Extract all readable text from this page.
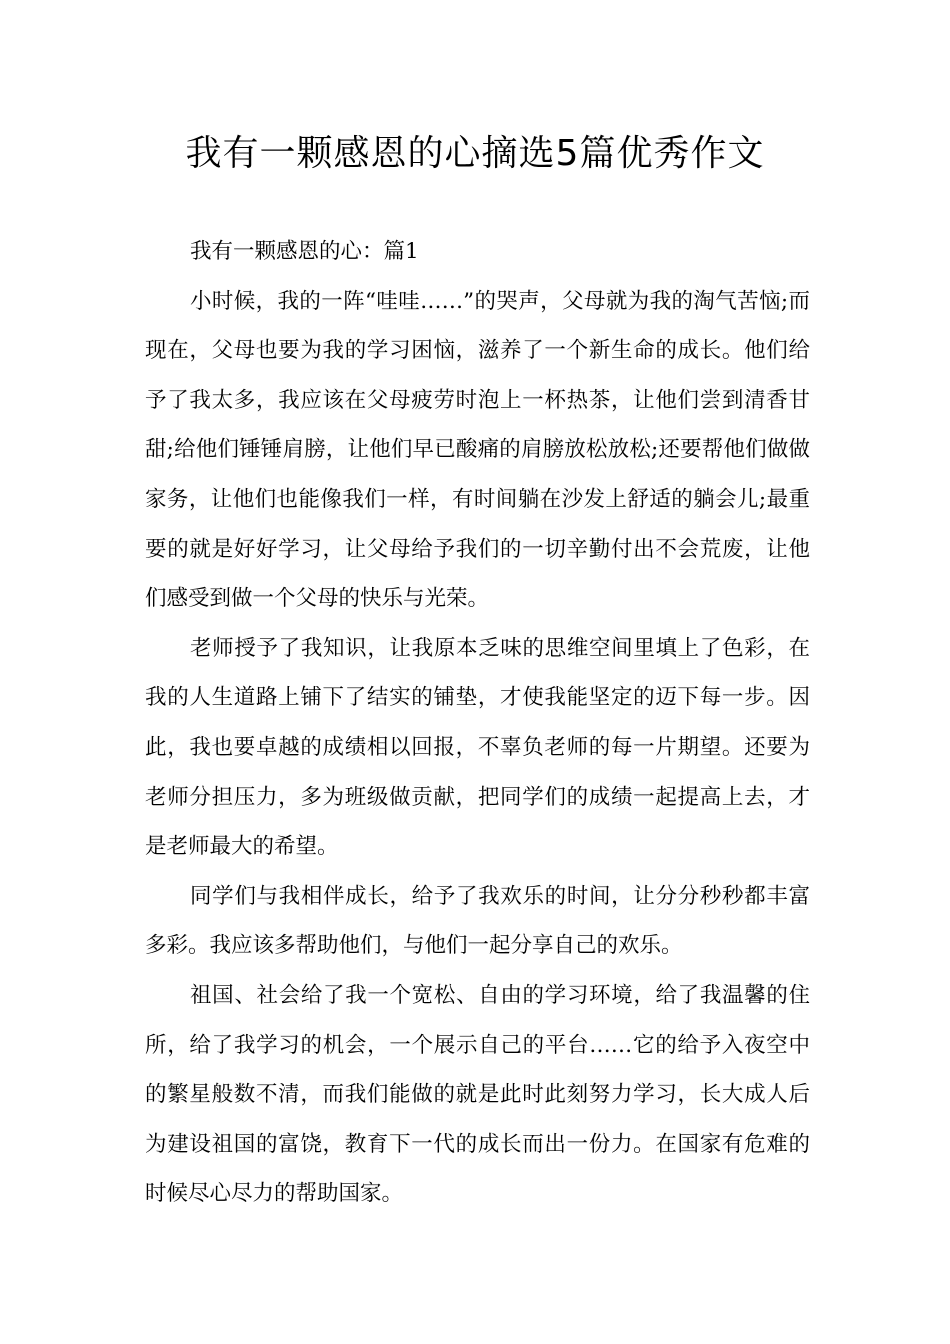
我有一颗感恩的心摘选5篇优秀作文

我有一颗感恩的心：篇1

小时候，我的一阵“哇哇……”的哭声，父母就为我的淘气苦恼;而现在，父母也要为我的学习困恼，滋养了一个新生命的成长。他们给予了我太多，我应该在父母疲劳时泡上一杯热茶，让他们尝到清香甘甜;给他们锤锤肩膀，让他们早已酸痛的肩膀放松放松;还要帮他们做做家务，让他们也能像我们一样，有时间躺在沙发上舒适的躺会儿;最重要的就是好好学习，让父母给予我们的一切辛勤付出不会荒废，让他们感受到做一个父母的快乐与光荣。

老师授予了我知识，让我原本乏味的思维空间里填上了色彩，在我的人生道路上铺下了结实的铺垫，才使我能坚定的迈下每一步。因此，我也要卓越的成绩相以回报，不辜负老师的每一片期望。还要为老师分担压力，多为班级做贡献，把同学们的成绩一起提高上去，才是老师最大的希望。

同学们与我相伴成长，给予了我欢乐的时间，让分分秒秒都丰富多彩。我应该多帮助他们，与他们一起分享自己的欢乐。

祖国、社会给了我一个宽松、自由的学习环境，给了我温馨的住所，给了我学习的机会，一个展示自己的平台……它的给予入夜空中的繁星般数不清，而我们能做的就是此时此刻努力学习，长大成人后为建设祖国的富饶，教育下一代的成长而出一份力。在国家有危难的时候尽心尽力的帮助国家。
